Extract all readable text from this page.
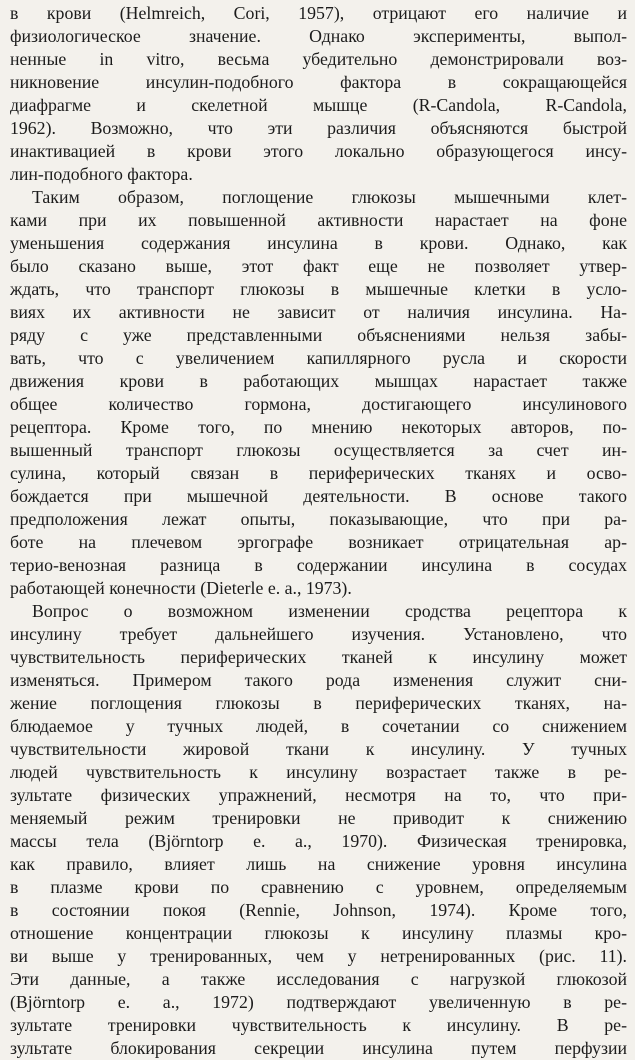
в крови (Helmreich, Cori, 1957), отрицают его наличие и
физиологическое значение. Однако эксперименты, выпол-
ненные in vitro, весьма убедительно демонстрировали воз-
никновение инсулин-подобного фактора в сокращающейся
диафрагме и скелетной мышце (R-Candola, R-Candola,
1962). Возможно, что эти различия объясняются быстрой
инактивацией в крови этого локально образующегося инсу-
лин-подобного фактора.
Таким образом, поглощение глюкозы мышечными клет-
ками при их повышенной активности нарастает на фоне
уменьшения содержания инсулина в крови. Однако, как
было сказано выше, этот факт еще не позволяет утвер-
ждать, что транспорт глюкозы в мышечные клетки в усло-
виях их активности не зависит от наличия инсулина. На-
ряду с уже представленными объяснениями нельзя забы-
вать, что с увеличением капиллярного русла и скорости
движения крови в работающих мышцах нарастает также
общее количество гормона, достигающего инсулинового
рецептора. Кроме того, по мнению некоторых авторов, по-
вышенный транспорт глюкозы осуществляется за счет ин-
сулина, который связан в периферических тканях и осво-
бождается при мышечной деятельности. В основе такого
предположения лежат опыты, показывающие, что при ра-
боте на плечевом эргографе возникает отрицательная ар-
терио-венозная разница в содержании инсулина в сосудах
работающей конечности (Dieterle e. a., 1973).
Вопрос о возможном изменении сродства рецептора к
инсулину требует дальнейшего изучения. Установлено, что
чувствительность периферических тканей к инсулину может
изменяться. Примером такого рода изменения служит сни-
жение поглощения глюкозы в периферических тканях, на-
блюдаемое у тучных людей, в сочетании со снижением
чувствительности жировой ткани к инсулину. У тучных
людей чувствительность к инсулину возрастает также в ре-
зультате физических упражнений, несмотря на то, что при-
меняемый режим тренировки не приводит к снижению
массы тела (Björntorp e. a., 1970). Физическая тренировка,
как правило, влияет лишь на снижение уровня инсулина
в плазме крови по сравнению с уровнем, определяемым
в состоянии покоя (Rennie, Johnson, 1974). Кроме того,
отношение концентрации глюкозы к инсулину плазмы кро-
ви выше у тренированных, чем у нетренированных (рис. 11).
Эти данные, а также исследования с нагрузкой глюкозой
(Björntorp e. a., 1972) подтверждают увеличенную в ре-
зультате тренировки чувствительность к инсулину. В ре-
зультате блокирования секреции инсулина путем перфузии
